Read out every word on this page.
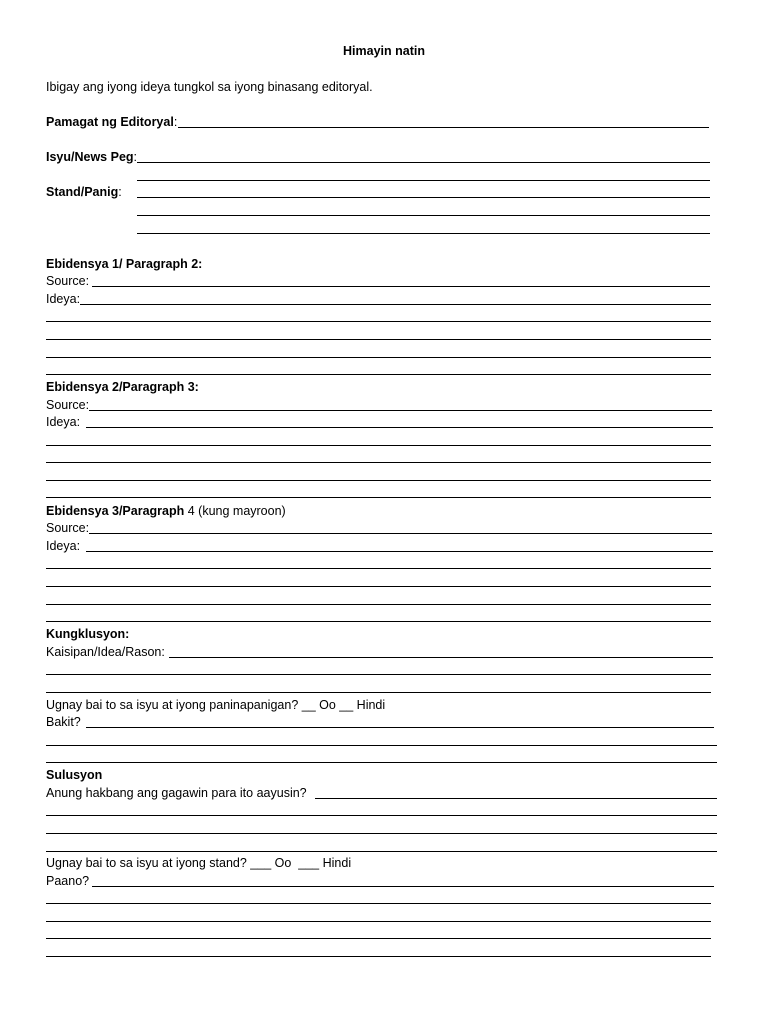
Himayin natin
Ibigay ang iyong ideya tungkol sa iyong binasang editoryal.
Pamagat ng Editoryal:
Isyu/News Peg:
Stand/Panig:
Ebidensya 1/ Paragraph 2:
Source:
Ideya:
Ebidensya 2/Paragraph 3:
Source:
Ideya:
Ebidensya 3/Paragraph 4 (kung mayroon)
Source:
Ideya:
Kungklusyon:
Kaisipan/Idea/Rason:
Ugnay bai to sa isyu at iyong paninapanigan? __ Oo __ Hindi
Bakit?
Sulusyon
Anung hakbang ang gagawin para ito aayusin?
Ugnay bai to sa isyu at iyong stand? ___ Oo  ___ Hindi
Paano?
